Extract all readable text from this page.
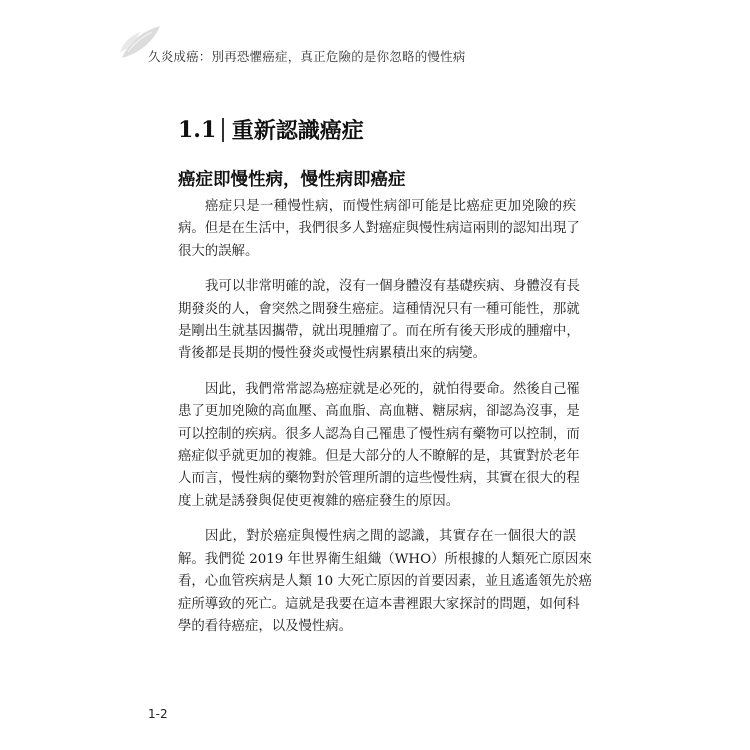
久炎成癌：別再恐懼癌症，真正危險的是你忽略的慢性病
1.1 重新認識癌症
癌症即慢性病，慢性病即癌症
癌症只是一種慢性病，而慢性病卻可能是比癌症更加兇險的疾
病。但是在生活中，我們很多人對癌症與慢性病這兩則的認知出現了
很大的誤解。
我可以非常明確的說，沒有一個身體沒有基礎疾病、身體沒有長
期發炎的人，會突然之間發生癌症。這種情況只有一種可能性，那就
是剛出生就基因攜帶，就出現腫瘤了。而在所有後天形成的腫瘤中，
背後都是長期的慢性發炎或慢性病累積出來的病變。
因此，我們常常認為癌症就是必死的，就怕得要命。然後自己罹
患了更加兇險的高血壓、高血脂、高血糖、糖尿病，卻認為沒事，是
可以控制的疾病。很多人認為自己罹患了慢性病有藥物可以控制，而
癌症似乎就更加的複雜。但是大部分的人不瞭解的是，其實對於老年
人而言，慢性病的藥物對於管理所謂的這些慢性病，其實在很大的程
度上就是誘發與促使更複雜的癌症發生的原因。
因此，對於癌症與慢性病之間的認識，其實存在一個很大的誤
解。我們從 2019 年世界衛生組織（WHO）所根據的人類死亡原因來
看，心血管疾病是人類 10 大死亡原因的首要因素，並且遙遙領先於癌
症所導致的死亡。這就是我要在這本書裡跟大家探討的問題，如何科
學的看待癌症，以及慢性病。
1-2
